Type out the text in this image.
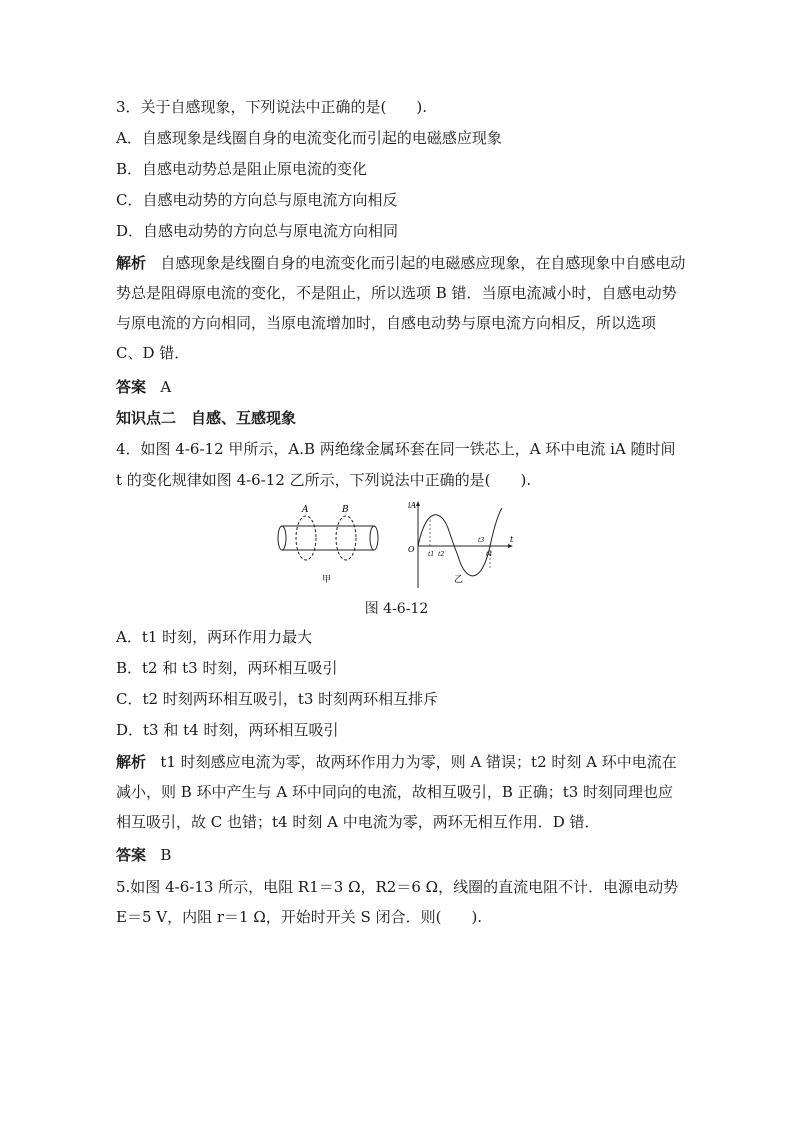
3．关于自感现象，下列说法中正确的是(　　).
A．自感现象是线圈自身的电流变化而引起的电磁感应现象
B．自感电动势总是阻止原电流的变化
C．自感电动势的方向总与原电流方向相反
D．自感电动势的方向总与原电流方向相同
解析 自感现象是线圈自身的电流变化而引起的电磁感应现象，在自感现象中自感电动势总是阻碍原电流的变化，不是阻止，所以选项 B 错．当原电流减小时，自感电动势与原电流的方向相同，当原电流增加时，自感电动势与原电流方向相反，所以选项 C、D 错．
答案 A
知识点二　自感、互感现象
4．如图 4-6-12 甲所示，A.B 两绝缘金属环套在同一铁芯上，A 环中电流 iA 随时间
t 的变化规律如图 4-6-12 乙所示，下列说法中正确的是(　　).
A	B
甲
iA
t
O
t1 t2
t3
t4
乙
图 4-6-12
A．t1 时刻，两环作用力最大
B．t2 和 t3 时刻，两环相互吸引
C．t2 时刻两环相互吸引，t3 时刻两环相互排斥
D．t3 和 t4 时刻，两环相互吸引
解析 t1 时刻感应电流为零，故两环作用力为零，则 A 错误；t2 时刻 A 环中电流在减小，则 B 环中产生与 A 环中同向的电流，故相互吸引，B 正确；t3 时刻同理也应相互吸引，故 C 也错；t4 时刻 A 中电流为零，两环无相互作用．D 错．
答案 B
5.如图 4-6-13 所示，电阻 R1＝3 Ω，R2＝6 Ω，线圈的直流电阻不计．电源电动势 E＝5 V，内阻 r＝1 Ω，开始时开关 S 闭合．则(　　).
